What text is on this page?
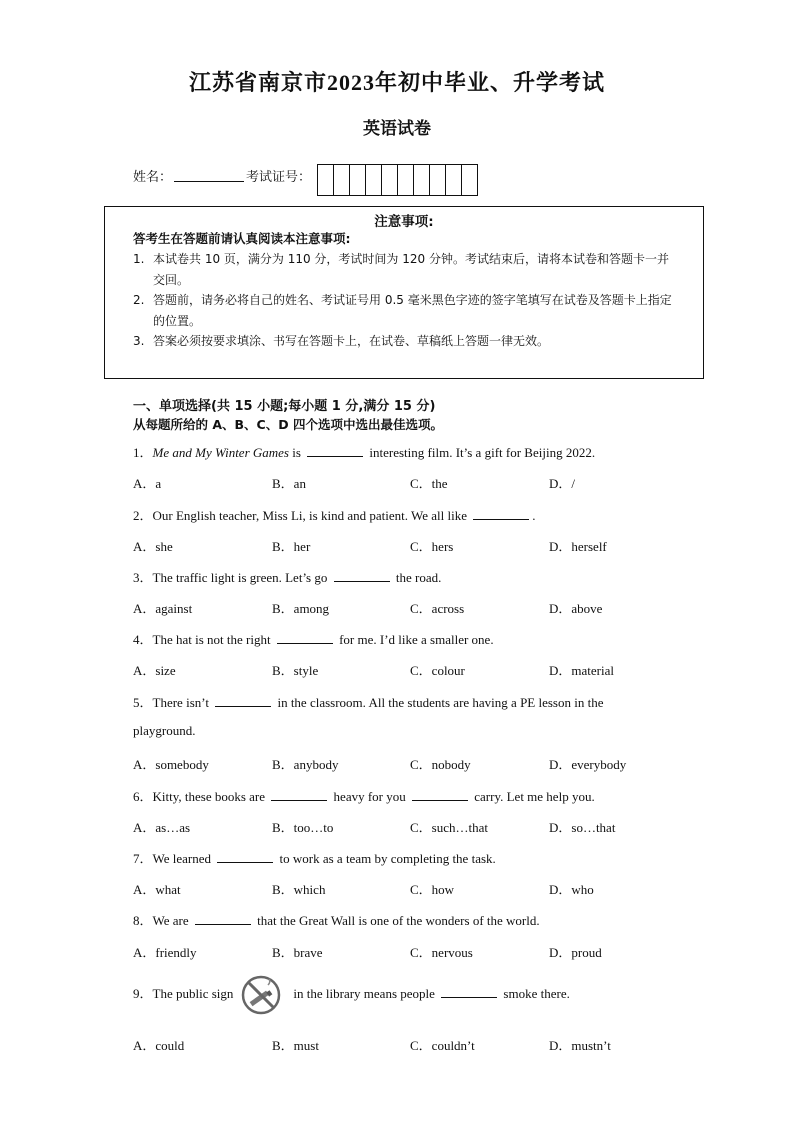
江苏省南京市2023年初中毕业、升学考试
英语试卷
姓名：	考试证号：
注意事项:
答考生在答题前请认真阅读本注意事项:
1. 本试卷共 10 页，满分为 110 分，考试时间为 120 分钟。考试结束后，请将本试卷和答题卡一并交回。
2. 答题前，请务必将自己的姓名、考试证号用 0.5 毫米黑色字迹的签字笔填写在试卷及答题卡上指定的位置。
3. 答案必须按要求填涂、书写在答题卡上，在试卷、草稿纸上答题一律无效。
一、单项选择(共 15 小题;每小题 1 分,满分 15 分)
从每题所给的 A、B、C、D 四个选项中选出最佳选项。
1．Me and My Winter Games is	interesting film. It’s a gift for Beijing 2022.
A．a	B．an	C．the	D．/
2．Our English teacher, Miss Li, is kind and patient. We all like	.
A．she	B．her	C．hers	D．herself
3．The traffic light is green. Let’s go	the road.
A．against	B．among	C．across	D．above
4．The hat is not the right	for me. I’d like a smaller one.
A．size	B．style	C．colour	D．material
5．There isn’t	in the classroom. All the students are having a PE lesson in the
playground.
A．somebody	B．anybody	C．nobody	D．everybody
6．Kitty, these books are	heavy for you	carry. Let me help you.
A．as…as	B．too…to	C．such…that	D．so…that
7．We learned	to work as a team by completing the task.
A．what	B．which	C．how	D．who
8．We are	that the Great Wall is one of the wonders of the world.
A．friendly	B．brave	C．nervous	D．proud
9．The public sign	in the library means people	smoke there.
A．could	B．must	C．couldn’t	D．mustn’t
